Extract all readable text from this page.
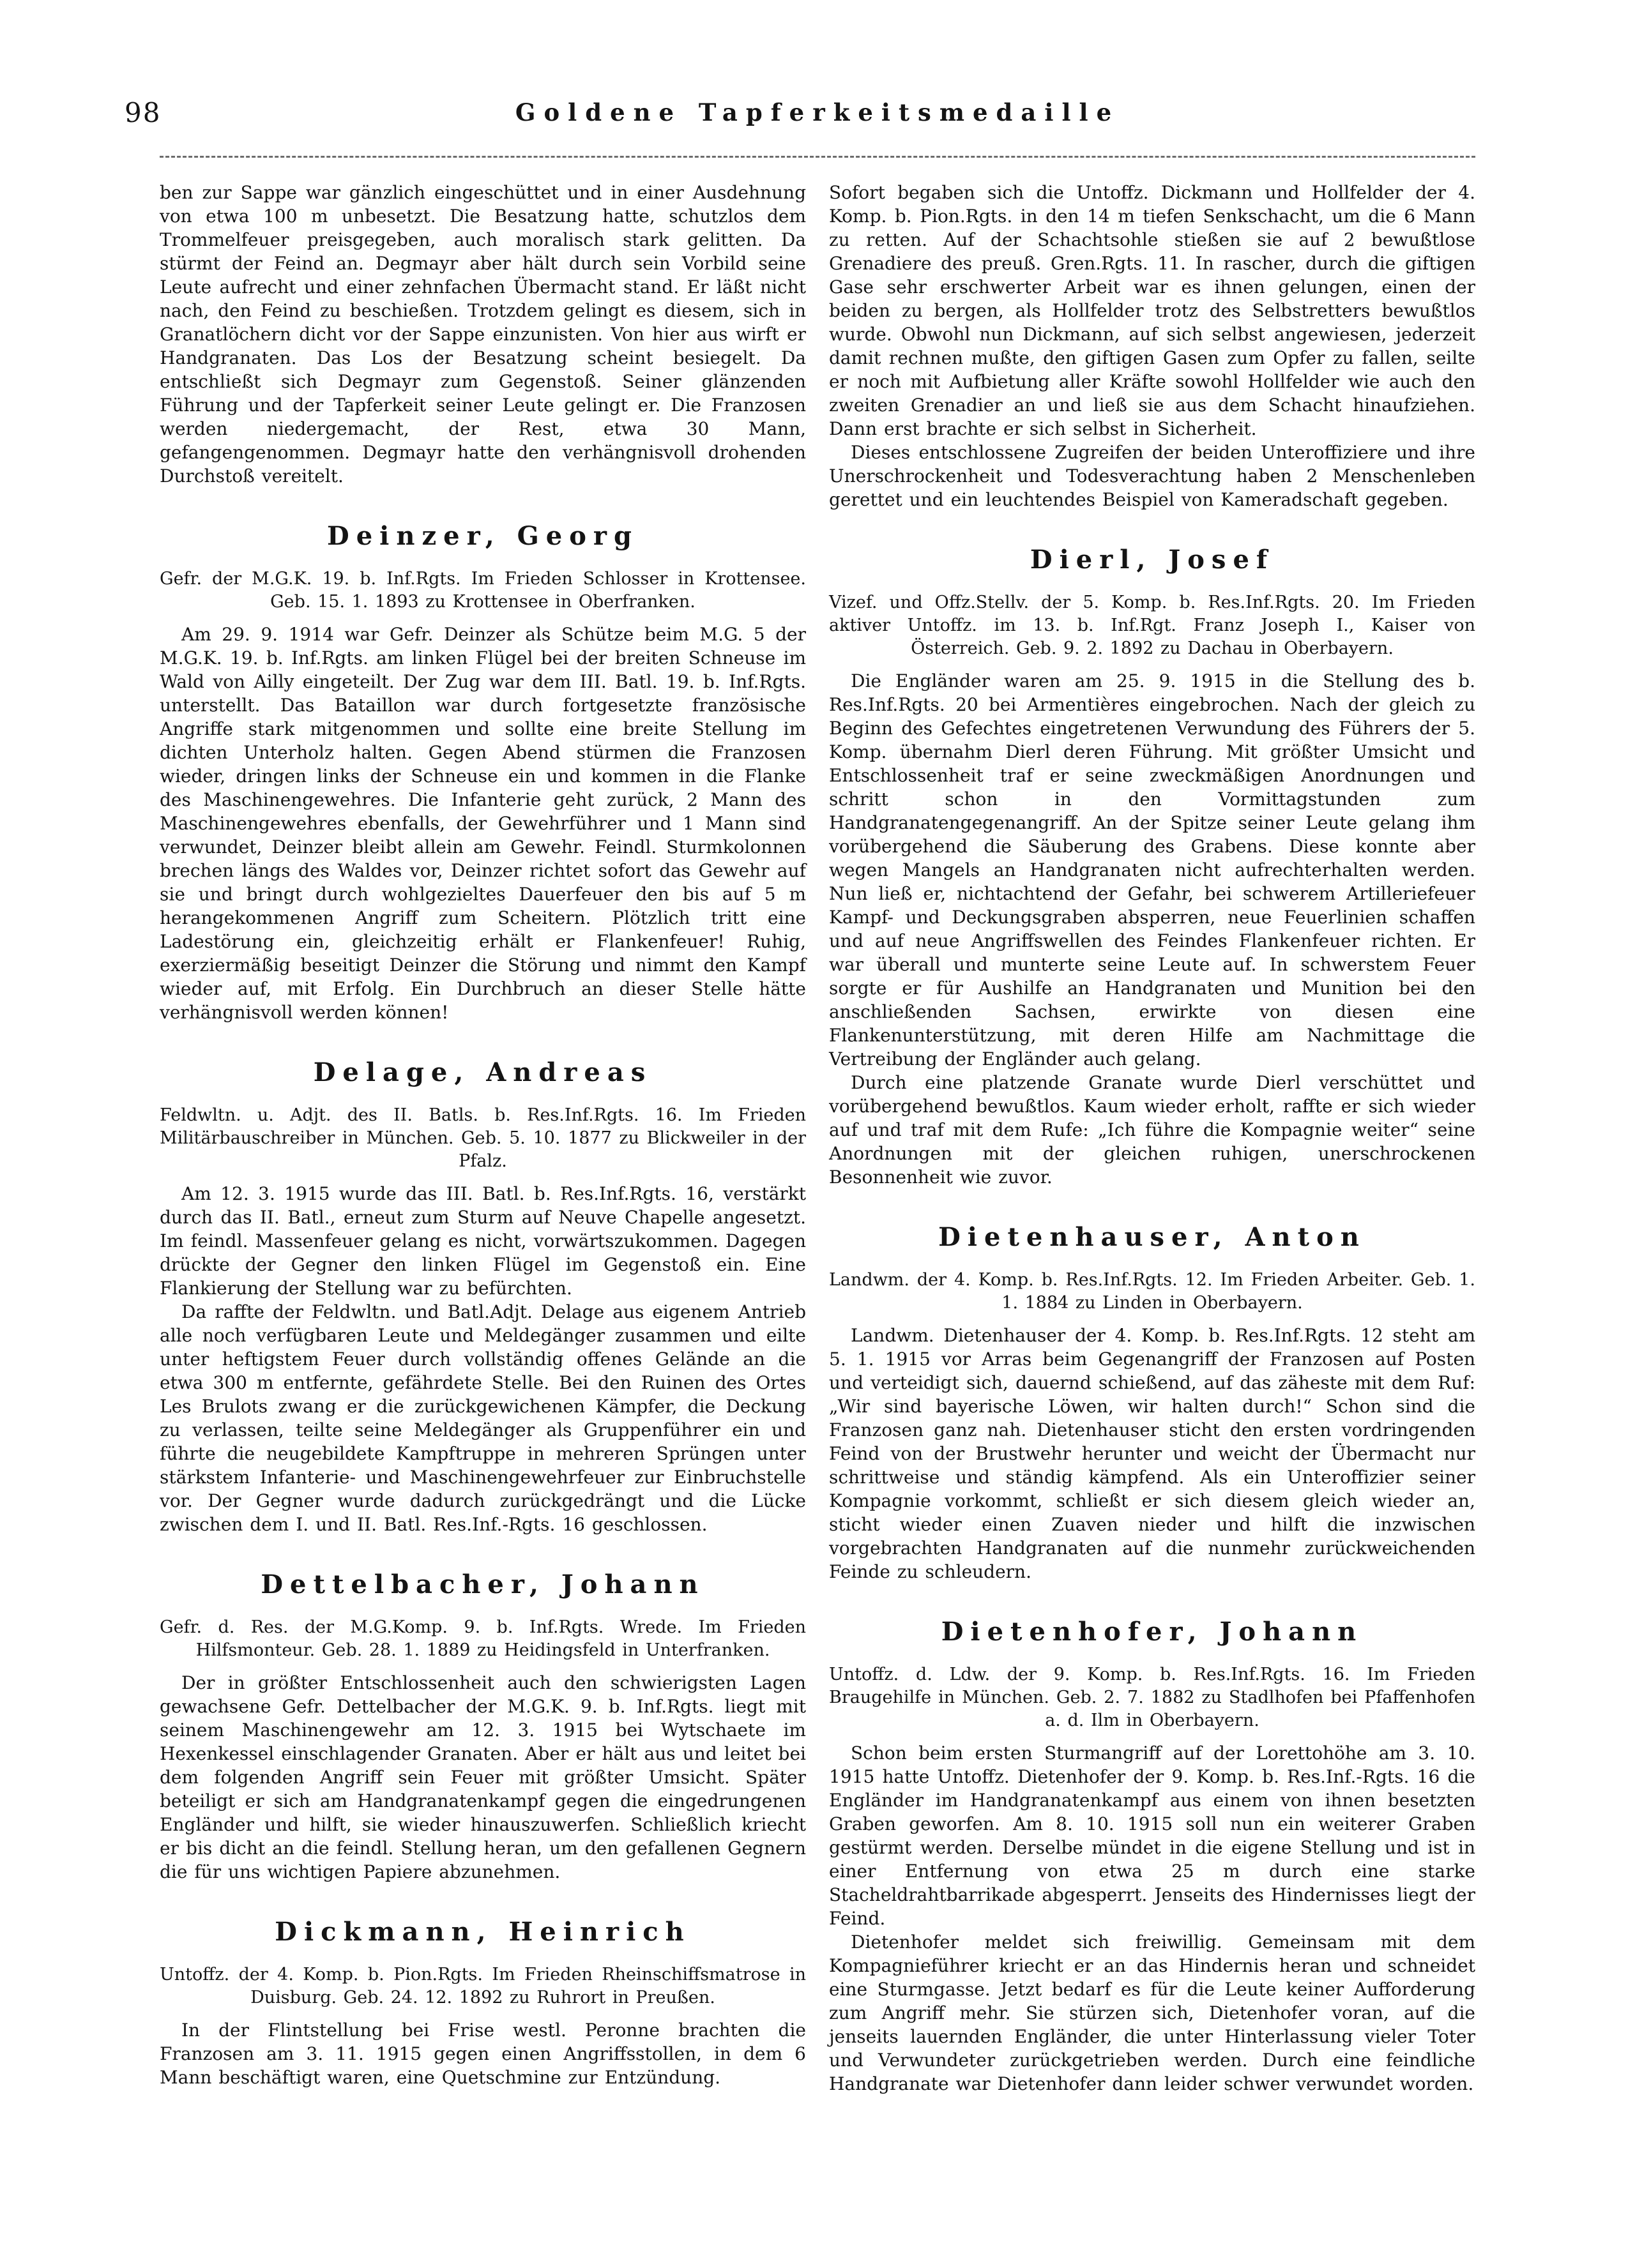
98	Goldene Tapferkeitsmedaille

ben zur Sappe war gänzlich eingeschüttet und in einer Ausdehnung von etwa 100 m unbesetzt. Die Besatzung hatte, schutzlos dem Trommelfeuer preisgegeben, auch moralisch stark gelitten. Da stürmt der Feind an. Degmayr aber hält durch sein Vorbild seine Leute aufrecht und einer zehnfachen Übermacht stand. Er läßt nicht nach, den Feind zu beschießen. Trotzdem gelingt es diesem, sich in Granatlöchern dicht vor der Sappe einzunisten. Von hier aus wirft er Handgranaten. Das Los der Besatzung scheint besiegelt. Da entschließt sich Degmayr zum Gegenstoß. Seiner glänzenden Führung und der Tapferkeit seiner Leute gelingt er. Die Franzosen werden niedergemacht, der Rest, etwa 30 Mann, gefangengenommen. Degmayr hatte den verhängnisvoll drohenden Durchstoß vereitelt.

Deinzer, Georg

Gefr. der M.G.K. 19. b. Inf.Rgts. Im Frieden Schlosser in Krottensee. Geb. 15. 1. 1893 zu Krottensee in Oberfranken.

Am 29. 9. 1914 war Gefr. Deinzer als Schütze beim M.G. 5 der M.G.K. 19. b. Inf.Rgts. am linken Flügel bei der breiten Schneuse im Wald von Ailly eingeteilt. Der Zug war dem III. Batl. 19. b. Inf.Rgts. unterstellt. Das Bataillon war durch fortgesetzte französische Angriffe stark mitgenommen und sollte eine breite Stellung im dichten Unterholz halten. Gegen Abend stürmen die Franzosen wieder, dringen links der Schneuse ein und kommen in die Flanke des Maschinengewehres. Die Infanterie geht zurück, 2 Mann des Maschinengewehres ebenfalls, der Gewehrführer und 1 Mann sind verwundet, Deinzer bleibt allein am Gewehr. Feindl. Sturmkolonnen brechen längs des Waldes vor, Deinzer richtet sofort das Gewehr auf sie und bringt durch wohlgezieltes Dauerfeuer den bis auf 5 m herangekommenen Angriff zum Scheitern. Plötzlich tritt eine Ladestörung ein, gleichzeitig erhält er Flankenfeuer! Ruhig, exerziermäßig beseitigt Deinzer die Störung und nimmt den Kampf wieder auf, mit Erfolg. Ein Durchbruch an dieser Stelle hätte verhängnisvoll werden können!

Delage, Andreas

Feldwltn. u. Adjt. des II. Batls. b. Res.Inf.Rgts. 16. Im Frieden Militärbauschreiber in München. Geb. 5. 10. 1877 zu Blickweiler in der Pfalz.

Am 12. 3. 1915 wurde das III. Batl. b. Res.Inf.Rgts. 16, verstärkt durch das II. Batl., erneut zum Sturm auf Neuve Chapelle angesetzt. Im feindl. Massenfeuer gelang es nicht, vorwärtszukommen. Dagegen drückte der Gegner den linken Flügel im Gegenstoß ein. Eine Flankierung der Stellung war zu befürchten.

Da raffte der Feldwltn. und Batl.Adjt. Delage aus eigenem Antrieb alle noch verfügbaren Leute und Meldegänger zusammen und eilte unter heftigstem Feuer durch vollständig offenes Gelände an die etwa 300 m entfernte, gefährdete Stelle. Bei den Ruinen des Ortes Les Brulots zwang er die zurückgewichenen Kämpfer, die Deckung zu verlassen, teilte seine Meldegänger als Gruppenführer ein und führte die neugebildete Kampftruppe in mehreren Sprüngen unter stärkstem Infanterie- und Maschinengewehrfeuer zur Einbruchstelle vor. Der Gegner wurde dadurch zurückgedrängt und die Lücke zwischen dem I. und II. Batl. Res.Inf.-Rgts. 16 geschlossen.

Dettelbacher, Johann

Gefr. d. Res. der M.G.Komp. 9. b. Inf.Rgts. Wrede. Im Frieden Hilfsmonteur. Geb. 28. 1. 1889 zu Heidingsfeld in Unterfranken.

Der in größter Entschlossenheit auch den schwierigsten Lagen gewachsene Gefr. Dettelbacher der M.G.K. 9. b. Inf.Rgts. liegt mit seinem Maschinengewehr am 12. 3. 1915 bei Wytschaete im Hexenkessel einschlagender Granaten. Aber er hält aus und leitet bei dem folgenden Angriff sein Feuer mit größter Umsicht. Später beteiligt er sich am Handgranatenkampf gegen die eingedrungenen Engländer und hilft, sie wieder hinauszuwerfen. Schließlich kriecht er bis dicht an die feindl. Stellung heran, um den gefallenen Gegnern die für uns wichtigen Papiere abzunehmen.

Dickmann, Heinrich

Untoffz. der 4. Komp. b. Pion.Rgts. Im Frieden Rheinschiffsmatrose in Duisburg. Geb. 24. 12. 1892 zu Ruhrort in Preußen.

In der Flintstellung bei Frise westl. Peronne brachten die Franzosen am 3. 11. 1915 gegen einen Angriffsstollen, in dem 6 Mann beschäftigt waren, eine Quetschmine zur Entzündung.

Sofort begaben sich die Untoffz. Dickmann und Hollfelder der 4. Komp. b. Pion.Rgts. in den 14 m tiefen Senkschacht, um die 6 Mann zu retten. Auf der Schachtsohle stießen sie auf 2 bewußtlose Grenadiere des preuß. Gren.Rgts. 11. In rascher, durch die giftigen Gase sehr erschwerter Arbeit war es ihnen gelungen, einen der beiden zu bergen, als Hollfelder trotz des Selbstretters bewußtlos wurde. Obwohl nun Dickmann, auf sich selbst angewiesen, jederzeit damit rechnen mußte, den giftigen Gasen zum Opfer zu fallen, seilte er noch mit Aufbietung aller Kräfte sowohl Hollfelder wie auch den zweiten Grenadier an und ließ sie aus dem Schacht hinaufziehen. Dann erst brachte er sich selbst in Sicherheit.

Dieses entschlossene Zugreifen der beiden Unteroffiziere und ihre Unerschrockenheit und Todesverachtung haben 2 Menschenleben gerettet und ein leuchtendes Beispiel von Kameradschaft gegeben.

Dierl, Josef

Vizef. und Offz.Stellv. der 5. Komp. b. Res.Inf.Rgts. 20. Im Frieden aktiver Untoffz. im 13. b. Inf.Rgt. Franz Joseph I., Kaiser von Österreich. Geb. 9. 2. 1892 zu Dachau in Oberbayern.

Die Engländer waren am 25. 9. 1915 in die Stellung des b. Res.Inf.Rgts. 20 bei Armentières eingebrochen. Nach der gleich zu Beginn des Gefechtes eingetretenen Verwundung des Führers der 5. Komp. übernahm Dierl deren Führung. Mit größter Umsicht und Entschlossenheit traf er seine zweckmäßigen Anordnungen und schritt schon in den Vormittagstunden zum Handgranatengegenangriff. An der Spitze seiner Leute gelang ihm vorübergehend die Säuberung des Grabens. Diese konnte aber wegen Mangels an Handgranaten nicht aufrechterhalten werden. Nun ließ er, nichtachtend der Gefahr, bei schwerem Artilleriefeuer Kampf- und Deckungsgraben absperren, neue Feuerlinien schaffen und auf neue Angriffswellen des Feindes Flankenfeuer richten. Er war überall und munterte seine Leute auf. In schwerstem Feuer sorgte er für Aushilfe an Handgranaten und Munition bei den anschließenden Sachsen, erwirkte von diesen eine Flankenunterstützung, mit deren Hilfe am Nachmittage die Vertreibung der Engländer auch gelang.

Durch eine platzende Granate wurde Dierl verschüttet und vorübergehend bewußtlos. Kaum wieder erholt, raffte er sich wieder auf und traf mit dem Rufe: „Ich führe die Kompagnie weiter“ seine Anordnungen mit der gleichen ruhigen, unerschrockenen Besonnenheit wie zuvor.

Dietenhauser, Anton

Landwm. der 4. Komp. b. Res.Inf.Rgts. 12. Im Frieden Arbeiter. Geb. 1. 1. 1884 zu Linden in Oberbayern.

Landwm. Dietenhauser der 4. Komp. b. Res.Inf.Rgts. 12 steht am 5. 1. 1915 vor Arras beim Gegenangriff der Franzosen auf Posten und verteidigt sich, dauernd schießend, auf das zäheste mit dem Ruf: „Wir sind bayerische Löwen, wir halten durch!“ Schon sind die Franzosen ganz nah. Dietenhauser sticht den ersten vordringenden Feind von der Brustwehr herunter und weicht der Übermacht nur schrittweise und ständig kämpfend. Als ein Unteroffizier seiner Kompagnie vorkommt, schließt er sich diesem gleich wieder an, sticht wieder einen Zuaven nieder und hilft die inzwischen vorgebrachten Handgranaten auf die nunmehr zurückweichenden Feinde zu schleudern.

Dietenhofer, Johann

Untoffz. d. Ldw. der 9. Komp. b. Res.Inf.Rgts. 16. Im Frieden Braugehilfe in München. Geb. 2. 7. 1882 zu Stadlhofen bei Pfaffenhofen a. d. Ilm in Oberbayern.

Schon beim ersten Sturmangriff auf der Lorettohöhe am 3. 10. 1915 hatte Untoffz. Dietenhofer der 9. Komp. b. Res.Inf.-Rgts. 16 die Engländer im Handgranatenkampf aus einem von ihnen besetzten Graben geworfen. Am 8. 10. 1915 soll nun ein weiterer Graben gestürmt werden. Derselbe mündet in die eigene Stellung und ist in einer Entfernung von etwa 25 m durch eine starke Stacheldrahtbarrikade abgesperrt. Jenseits des Hindernisses liegt der Feind.

Dietenhofer meldet sich freiwillig. Gemeinsam mit dem Kompagnieführer kriecht er an das Hindernis heran und schneidet eine Sturmgasse. Jetzt bedarf es für die Leute keiner Aufforderung zum Angriff mehr. Sie stürzen sich, Dietenhofer voran, auf die jenseits lauernden Engländer, die unter Hinterlassung vieler Toter und Verwundeter zurückgetrieben werden. Durch eine feindliche Handgranate war Dietenhofer dann leider schwer verwundet worden.
